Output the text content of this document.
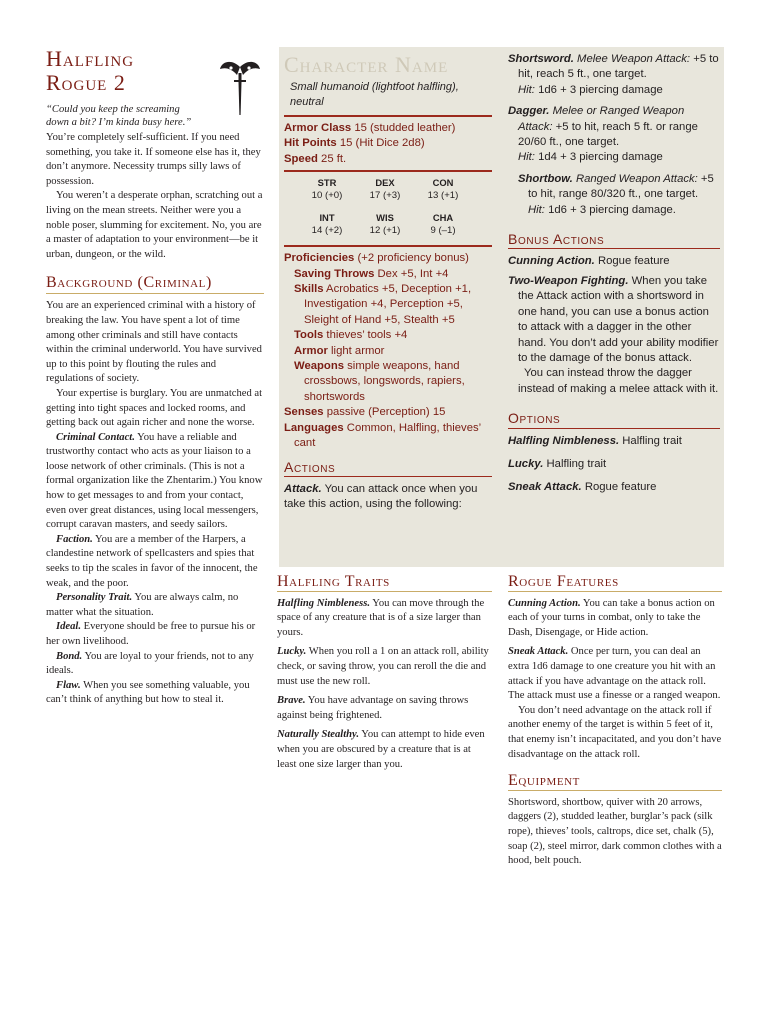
Halfling

Rogue 2

“Could you keep the screaming
down a bit? I’m kinda busy here.”

You’re completely self-sufficient. If you need something, you take it. If someone else has it, they don’t anymore. Necessity trumps silly laws of possession.

You weren’t a desperate orphan, scratching out a living on the mean streets. Neither were you a noble poser, slumming for excitement. No, you are a master of adaptation to your environment—be it urban, dungeon, or the wild.

Background (Criminal)

You are an experienced criminal with a history of breaking the law. You have spent a lot of time among other criminals and still have contacts within the criminal underworld. You have survived up to this point by flouting the rules and regulations of society.

Your expertise is burglary. You are unmatched at getting into tight spaces and locked rooms, and getting back out again richer and none the worse.

Criminal Contact. You have a reliable and trustworthy contact who acts as your liaison to a loose network of other criminals. (This is not a formal organization like the Zhentarim.) You know how to get messages to and from your contact, even over great distances, using local messengers, corrupt caravan masters, and seedy sailors.

Faction. You are a member of the Harpers, a clandestine network of spellcasters and spies that seeks to tip the scales in favor of the innocent, the weak, and the poor.

Personality Trait. You are always calm, no matter what the situation.

Ideal. Everyone should be free to pursue his or her own livelihood.

Bond. You are loyal to your friends, not to any ideals.

Flaw. When you see something valuable, you can’t think of anything but how to steal it.

Character Name

Small humanoid (lightfoot halfling), neutral

Armor Class 15 (studded leather)

Hit Points 15 (Hit Dice 2d8)

Speed 25 ft.

STR	DEX	CON
10 (+0)	17 (+3)	13 (+1)
INT	WIS	CHA
14 (+2)	12 (+1)	9 (–1)

Proficiencies (+2 proficiency bonus)

Saving Throws Dex +5, Int +4

Skills Acrobatics +5, Deception +1, Investigation +4, Perception +5, Sleight of Hand +5, Stealth +5

Tools thieves’ tools +4

Armor light armor

Weapons simple weapons, hand crossbows, longswords, rapiers, shortswords

Senses passive (Perception) 15

Languages Common, Halfling, thieves’ cant

Actions

Attack. You can attack once when you take this action, using the following:

Shortsword. Melee Weapon Attack: +5 to hit, reach 5 ft., one target.
Hit: 1d6 + 3 piercing damage

Dagger. Melee or Ranged Weapon Attack: +5 to hit, reach 5 ft. or range 20/60 ft., one target.
Hit: 1d4 + 3 piercing damage

Shortbow. Ranged Weapon Attack: +5 to hit, range 80/320 ft., one target.
Hit: 1d6 + 3 piercing damage.

Bonus Actions

Cunning Action. Rogue feature

Two-Weapon Fighting. When you take the Attack action with a shortsword in one hand, you can use a bonus action to attack with a dagger in the other hand. You don’t add your ability modifier to the damage of the bonus attack.

You can instead throw the dagger instead of making a melee attack with it.

Options

Halfling Nimbleness. Halfling trait

Lucky. Halfling trait

Sneak Attack. Rogue feature

Halfling Traits

Halfling Nimbleness. You can move through the space of any creature that is of a size larger than yours.

Lucky. When you roll a 1 on an attack roll, ability check, or saving throw, you can reroll the die and must use the new roll.

Brave. You have advantage on saving throws against being frightened.

Naturally Stealthy. You can attempt to hide even when you are obscured by a creature that is at least one size larger than you.

Rogue Features

Cunning Action. You can take a bonus action on each of your turns in combat, only to take the Dash, Disengage, or Hide action.

Sneak Attack. Once per turn, you can deal an extra 1d6 damage to one creature you hit with an attack if you have advantage on the attack roll. The attack must use a finesse or a ranged weapon.

You don’t need advantage on the attack roll if another enemy of the target is within 5 feet of it, that enemy isn’t incapacitated, and you don’t have disadvantage on the attack roll.

Equipment

Shortsword, shortbow, quiver with 20 arrows, daggers (2), studded leather, burglar’s pack (silk rope), thieves’ tools, caltrops, dice set, chalk (5), soap (2), steel mirror, dark common clothes with a hood, belt pouch.
